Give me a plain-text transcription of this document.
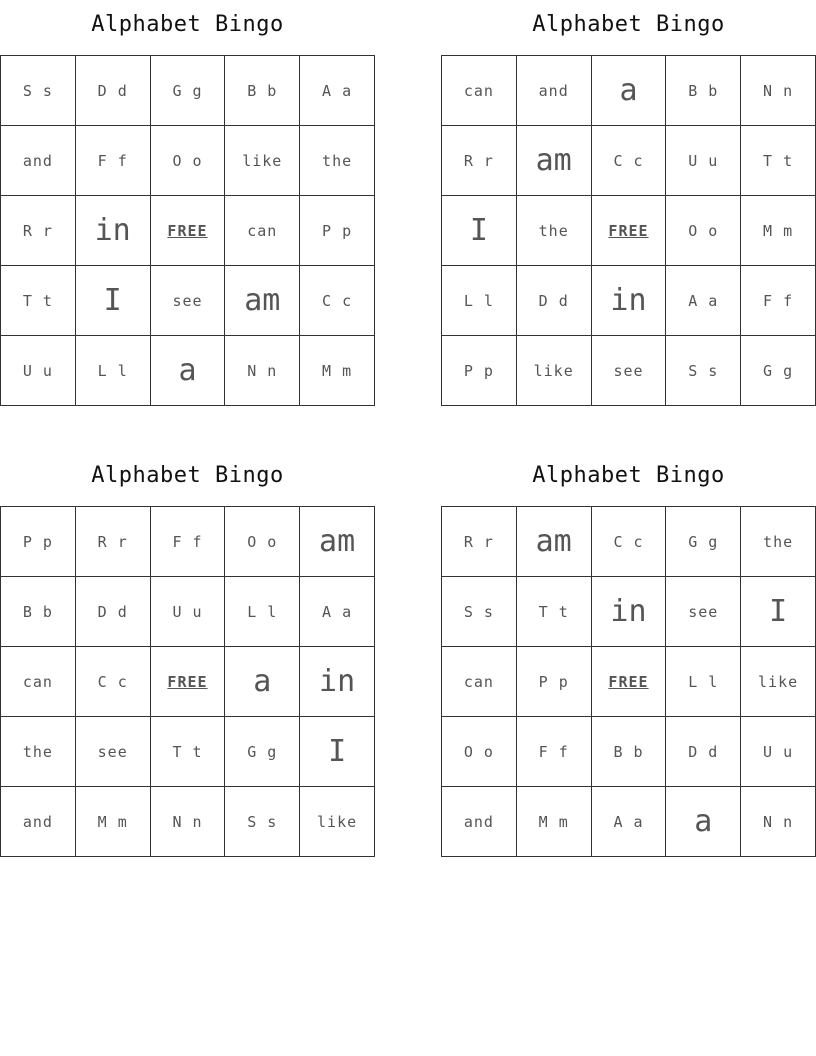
Alphabet Bingo
S s	D d	G g	B b	A a
and	F f	O o	like	the
R r	in	FREE	can	P p
T t	I	see	am	C c
U u	L l	a	N n	M m
Alphabet Bingo
can	and	a	B b	N n
R r	am	C c	U u	T t
I	the	FREE	O o	M m
L l	D d	in	A a	F f
P p	like	see	S s	G g
Alphabet Bingo
P p	R r	F f	O o	am
B b	D d	U u	L l	A a
can	C c	FREE	a	in
the	see	T t	G g	I
and	M m	N n	S s	like
Alphabet Bingo
R r	am	C c	G g	the
S s	T t	in	see	I
can	P p	FREE	L l	like
O o	F f	B b	D d	U u
and	M m	A a	a	N n
